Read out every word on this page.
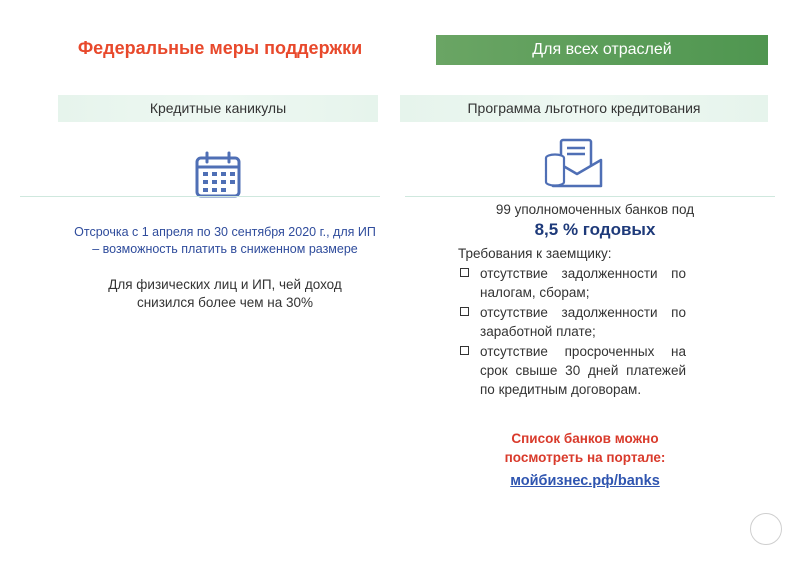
Федеральные меры поддержки
Кредитные каникулы
Отсрочка с 1 апреля по 30 сентября 2020 г., для ИП
– возможность платить в сниженном размере
Для физических лиц и ИП, чей доход
снизился более чем на 30%
Для всех отраслей
Программа льготного кредитования
99 уполномоченных банков под
8,5 % годовых
Требования к заемщику:
отсутствие задолженности по налогам, сборам;
отсутствие задолженности по заработной плате;
отсутствие просроченных на срок свыше 30 дней платежей по кредитным договорам.
Список банков можно
посмотреть на портале:
мойбизнес.рф/banks
